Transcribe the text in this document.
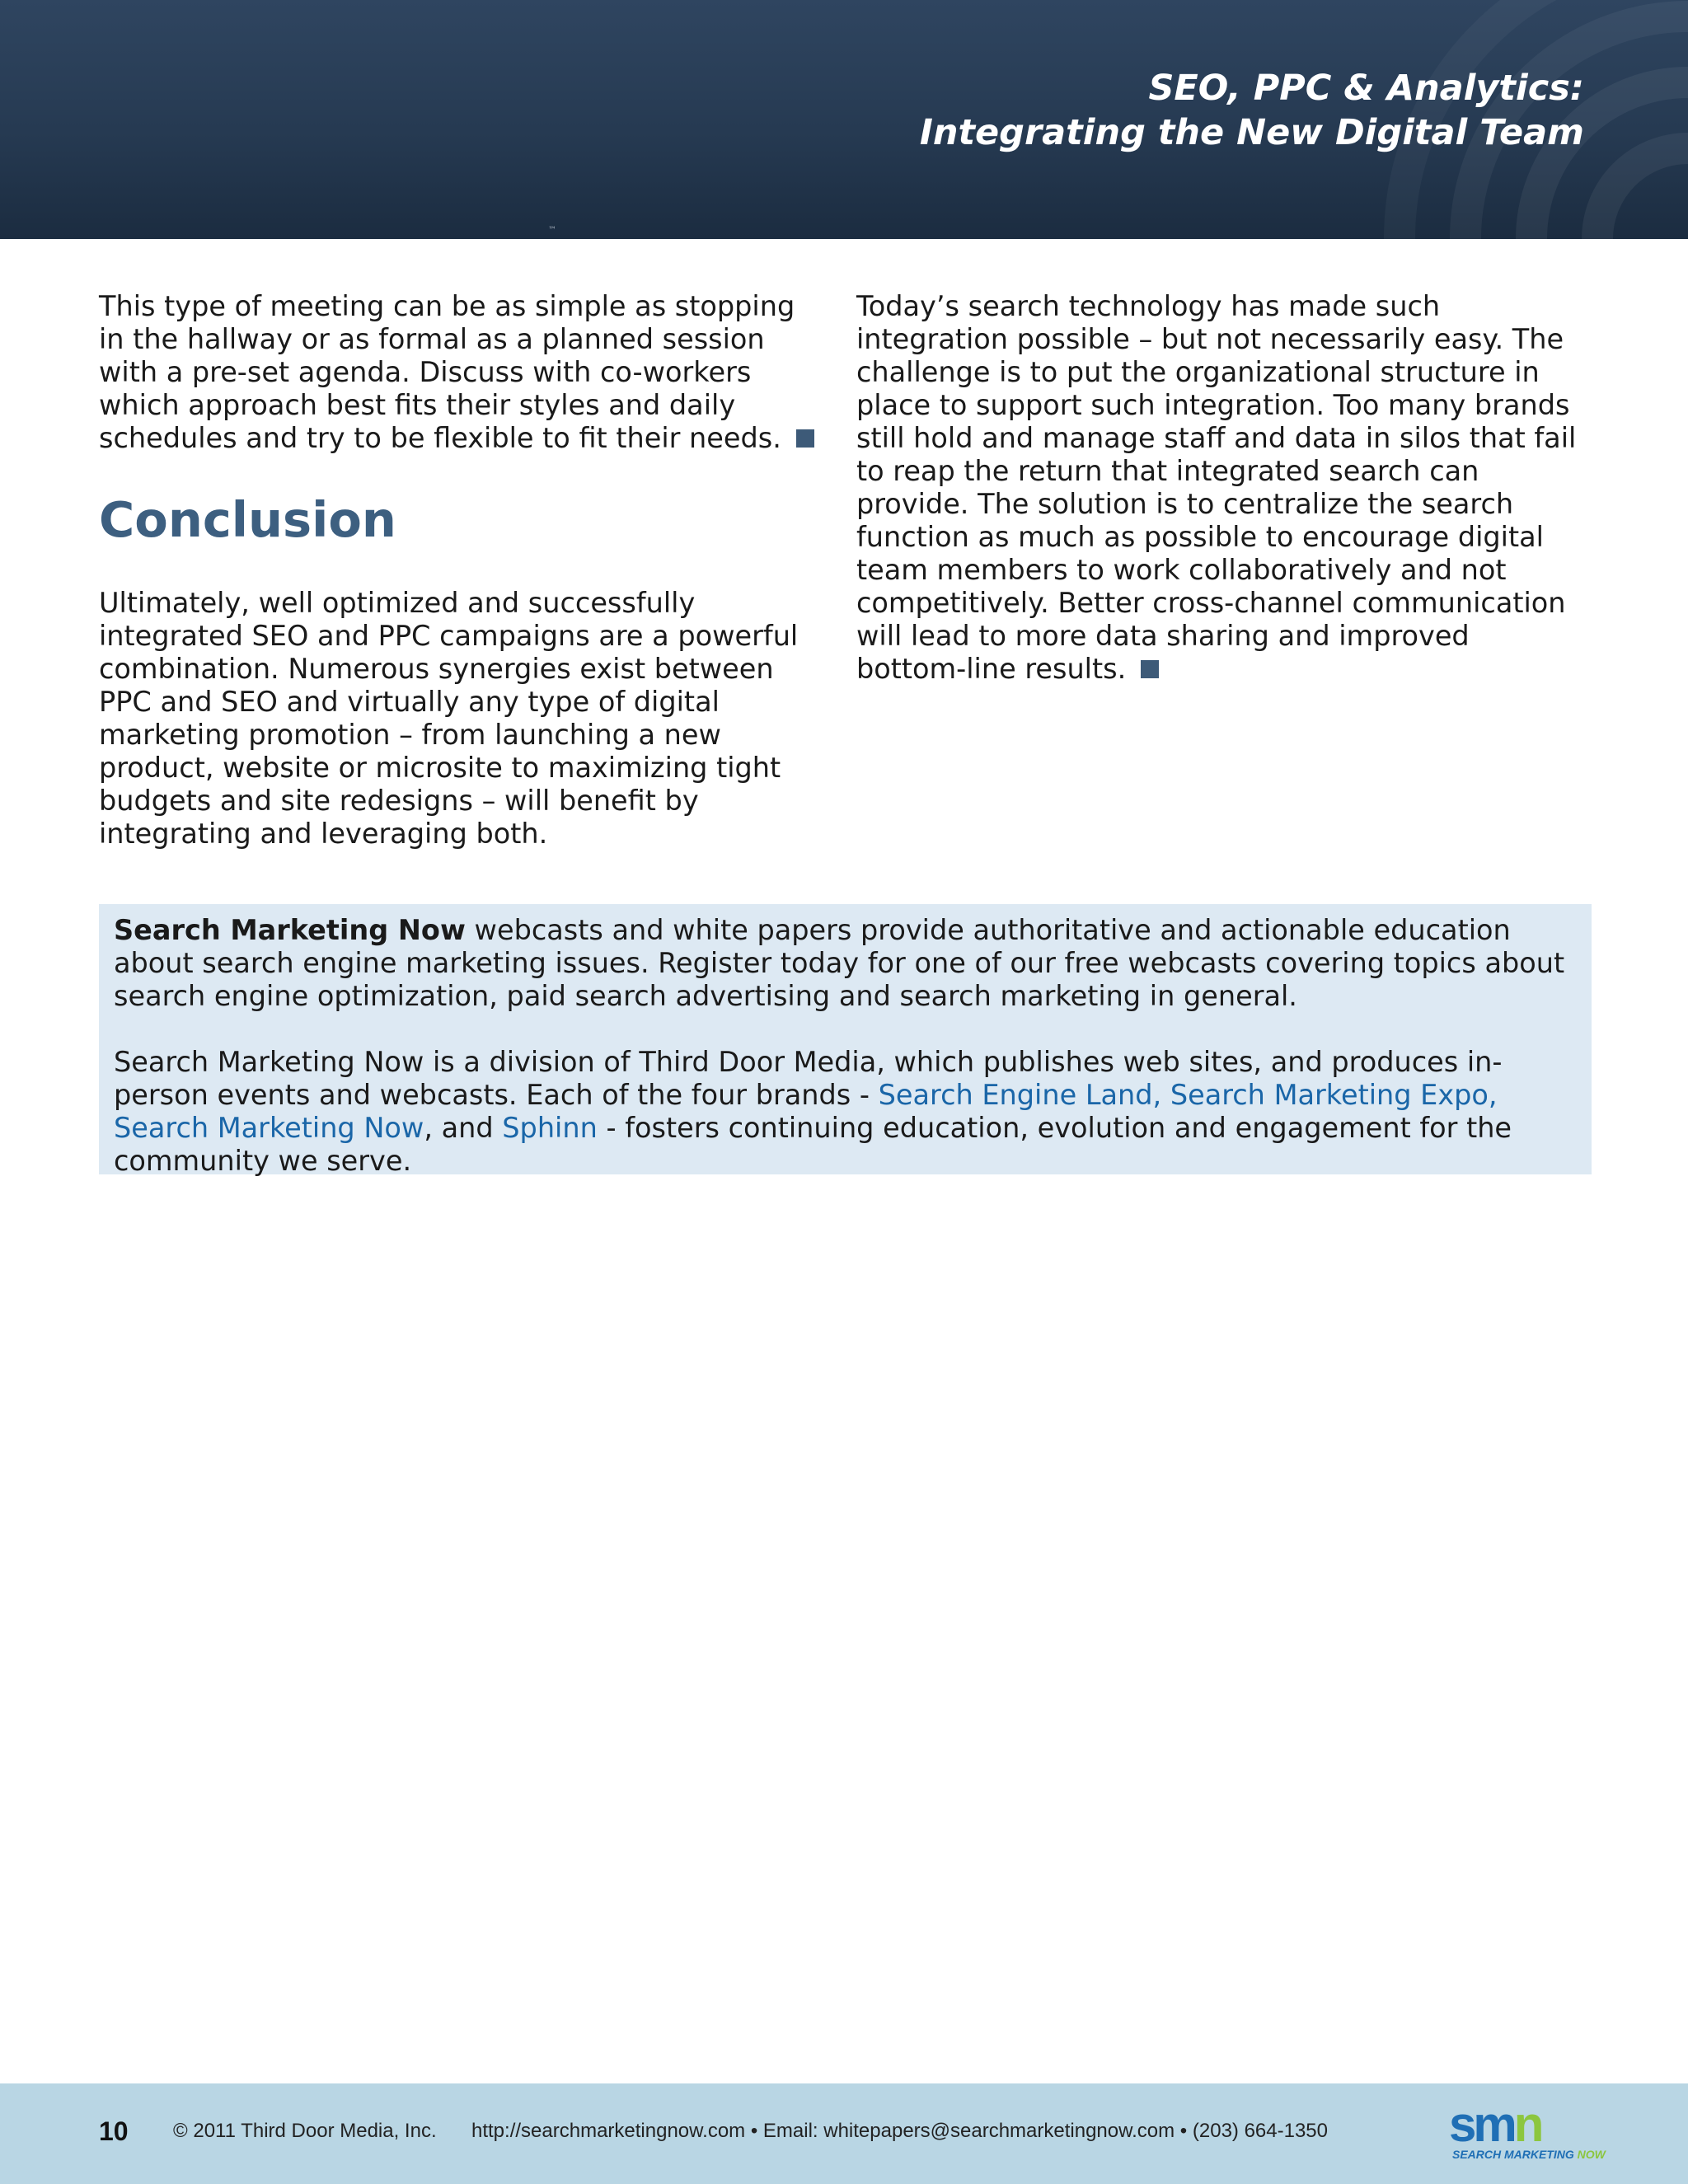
SEO, PPC & Analytics:
Integrating the New Digital Team
™

This type of meeting can be as simple as stopping in the hallway or as formal as a planned session with a pre-set agenda. Discuss with co-workers which approach best fits their styles and daily schedules and try to be flexible to fit their needs.

Conclusion

Ultimately, well optimized and successfully integrated SEO and PPC campaigns are a powerful combination. Numerous synergies exist between PPC and SEO and virtually any type of digital marketing promotion – from launching a new product, website or microsite to maximizing tight budgets and site redesigns – will benefit by integrating and leveraging both.

Today’s search technology has made such integration possible – but not necessarily easy. The challenge is to put the organizational structure in place to support such integration. Too many brands still hold and manage staff and data in silos that fail to reap the return that integrated search can provide. The solution is to centralize the search function as much as possible to encourage digital team members to work collaboratively and not competitively. Better cross-channel communication will lead to more data sharing and improved bottom-line results.

Search Marketing Now webcasts and white papers provide authoritative and actionable education about search engine marketing issues. Register today for one of our free webcasts covering topics about search engine optimization, paid search advertising and search marketing in general.

Search Marketing Now is a division of Third Door Media, which publishes web sites, and produces in-person events and webcasts. Each of the four brands - Search Engine Land, Search Marketing Expo, Search Marketing Now, and Sphinn - fosters continuing education, evolution and engagement for the community we serve.

10 © 2011 Third Door Media, Inc. http://searchmarketingnow.com • Email: whitepapers@searchmarketingnow.com • (203) 664-1350 smn
SEARCH MARKETING NOW
